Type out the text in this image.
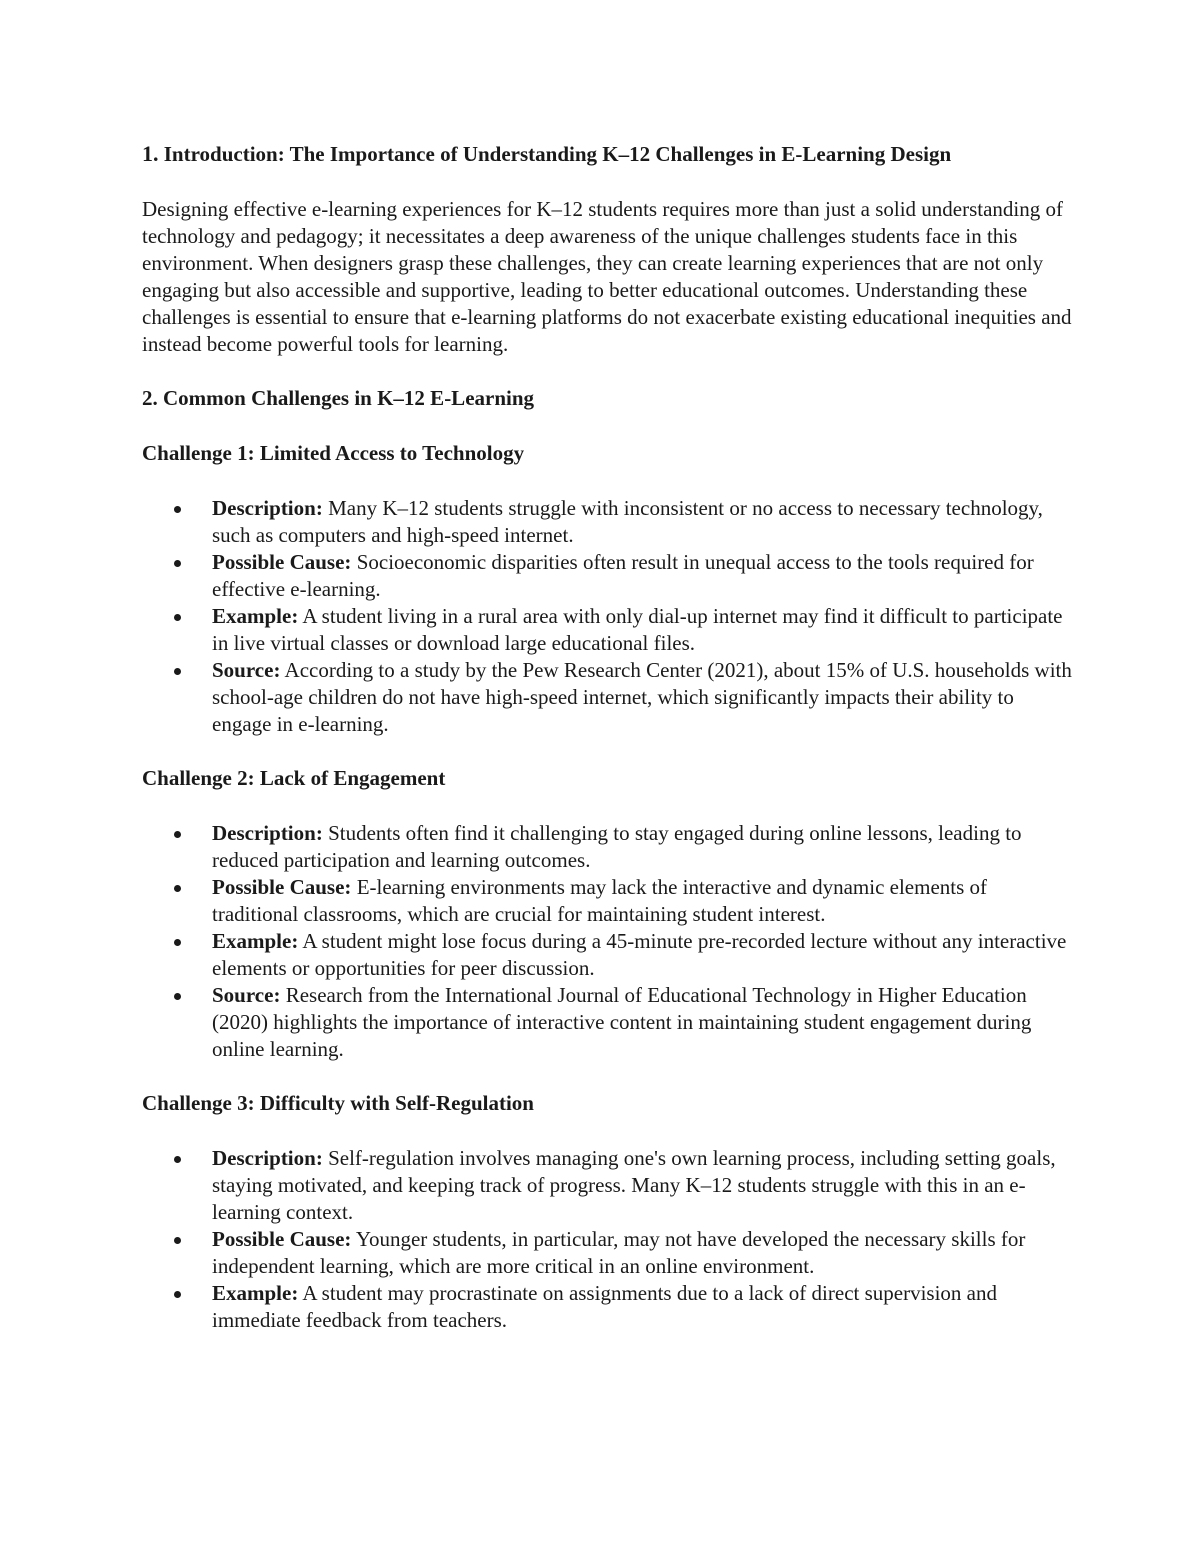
1. Introduction: The Importance of Understanding K–12 Challenges in E-Learning Design

Designing effective e-learning experiences for K–12 students requires more than just a solid understanding of technology and pedagogy; it necessitates a deep awareness of the unique challenges students face in this environment. When designers grasp these challenges, they can create learning experiences that are not only engaging but also accessible and supportive, leading to better educational outcomes. Understanding these challenges is essential to ensure that e-learning platforms do not exacerbate existing educational inequities and instead become powerful tools for learning.

2. Common Challenges in K–12 E-Learning
Challenge 1: Limited Access to Technology
Description: Many K–12 students struggle with inconsistent or no access to necessary technology, such as computers and high-speed internet.
Possible Cause: Socioeconomic disparities often result in unequal access to the tools required for effective e-learning.
Example: A student living in a rural area with only dial-up internet may find it difficult to participate in live virtual classes or download large educational files.
Source: According to a study by the Pew Research Center (2021), about 15% of U.S. households with school-age children do not have high-speed internet, which significantly impacts their ability to engage in e-learning.
Challenge 2: Lack of Engagement
Description: Students often find it challenging to stay engaged during online lessons, leading to reduced participation and learning outcomes.
Possible Cause: E-learning environments may lack the interactive and dynamic elements of traditional classrooms, which are crucial for maintaining student interest.
Example: A student might lose focus during a 45-minute pre-recorded lecture without any interactive elements or opportunities for peer discussion.
Source: Research from the International Journal of Educational Technology in Higher Education (2020) highlights the importance of interactive content in maintaining student engagement during online learning.
Challenge 3: Difficulty with Self-Regulation
Description: Self-regulation involves managing one's own learning process, including setting goals, staying motivated, and keeping track of progress. Many K–12 students struggle with this in an e-learning context.
Possible Cause: Younger students, in particular, may not have developed the necessary skills for independent learning, which are more critical in an online environment.
Example: A student may procrastinate on assignments due to a lack of direct supervision and immediate feedback from teachers.
